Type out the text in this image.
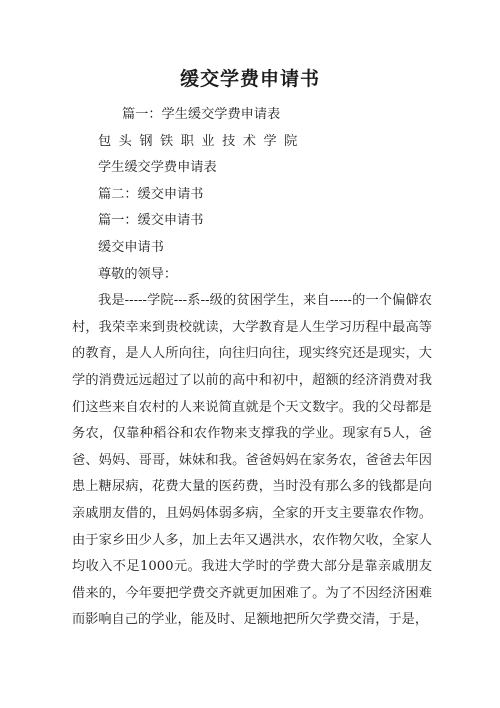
缓交学费申请书
篇一：学生缓交学费申请表
包头钢铁职业技术学院
学生缓交学费申请表
篇二：缓交申请书
篇一：缓交申请书
缓交申请书
尊敬的领导：

我是-----学院---系--级的贫困学生，来自-----的一个偏僻农村，我荣幸来到贵校就读，大学教育是人生学习历程中最高等的教育，是人人所向往，向往归向往，现实终究还是现实，大学的消费远远超过了以前的高中和初中，超额的经济消费对我们这些来自农村的人来说简直就是个天文数字。我的父母都是务农，仅靠种稻谷和农作物来支撑我的学业。现家有5人，爸爸、妈妈、哥哥，妹妹和我。爸爸妈妈在家务农，爸爸去年因患上糖尿病，花费大量的医药费，当时没有那么多的钱都是向亲戚朋友借的，且妈妈体弱多病，全家的开支主要靠农作物。由于家乡田少人多，加上去年又遇洪水，农作物欠收，全家人均收入不足1000元。我进大学时的学费大部分是靠亲戚朋友借来的，今年要把学费交齐就更加困难了。为了不因经济困难而影响自己的学业，能及时、足额地把所欠学费交清，于是，
